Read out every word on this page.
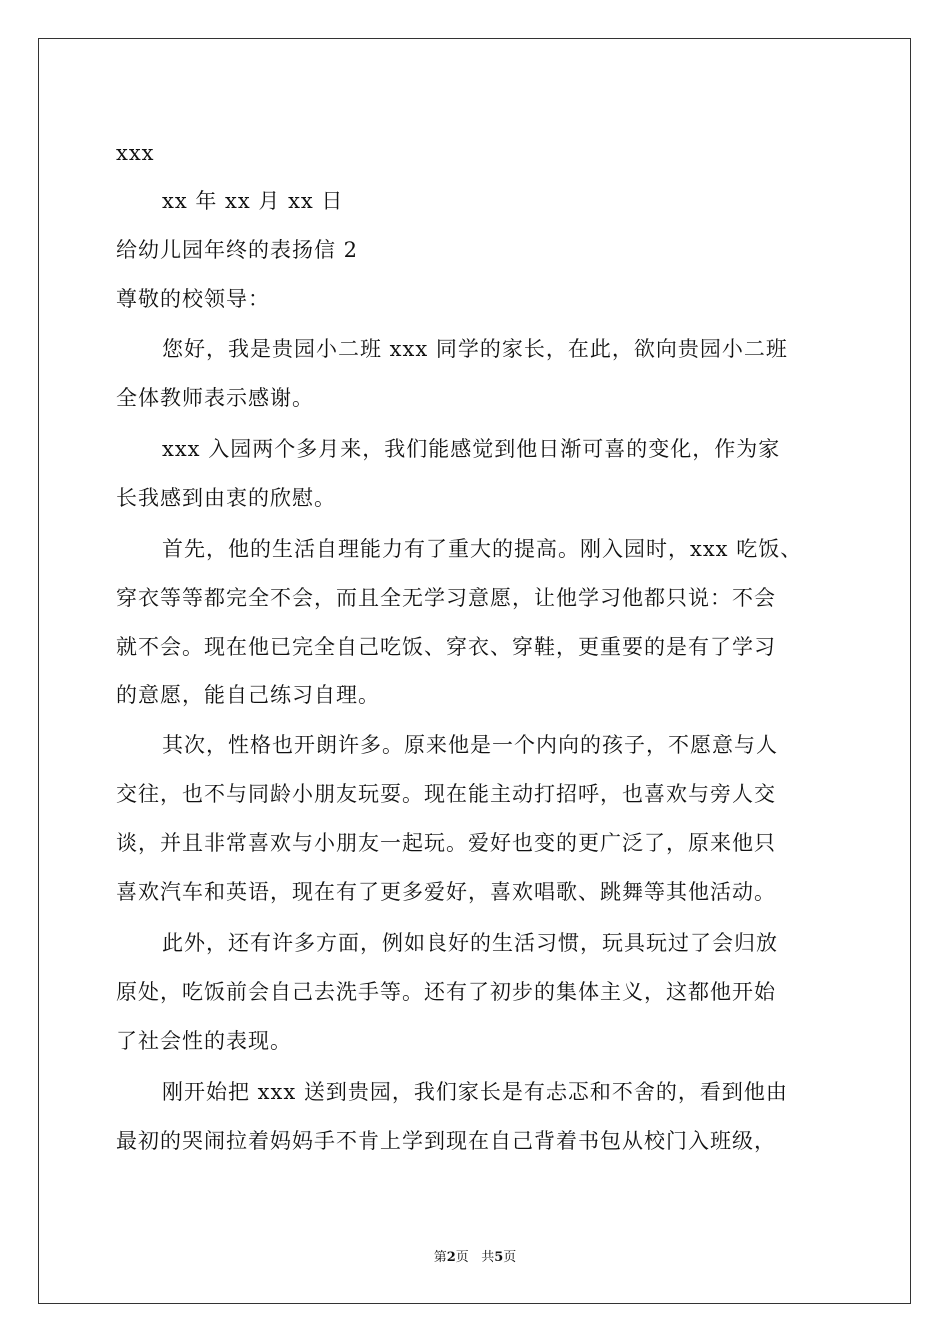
xxx

xx 年 xx 月 xx 日

给幼儿园年终的表扬信 2

尊敬的校领导：

您好，我是贵园小二班 xxx 同学的家长，在此，欲向贵园小二班

全体教师表示感谢。

xxx 入园两个多月来，我们能感觉到他日渐可喜的变化，作为家

长我感到由衷的欣慰。

首先，他的生活自理能力有了重大的提高。刚入园时，xxx 吃饭、

穿衣等等都完全不会，而且全无学习意愿，让他学习他都只说：不会

就不会。现在他已完全自己吃饭、穿衣、穿鞋，更重要的是有了学习

的意愿，能自己练习自理。

其次，性格也开朗许多。原来他是一个内向的孩子，不愿意与人

交往，也不与同龄小朋友玩耍。现在能主动打招呼，也喜欢与旁人交

谈，并且非常喜欢与小朋友一起玩。爱好也变的更广泛了，原来他只

喜欢汽车和英语，现在有了更多爱好，喜欢唱歌、跳舞等其他活动。

此外，还有许多方面，例如良好的生活习惯，玩具玩过了会归放

原处，吃饭前会自己去洗手等。还有了初步的集体主义，这都他开始

了社会性的表现。

刚开始把 xxx 送到贵园，我们家长是有忐忑和不舍的，看到他由

最初的哭闹拉着妈妈手不肯上学到现在自己背着书包从校门入班级，

第2页 共5页
